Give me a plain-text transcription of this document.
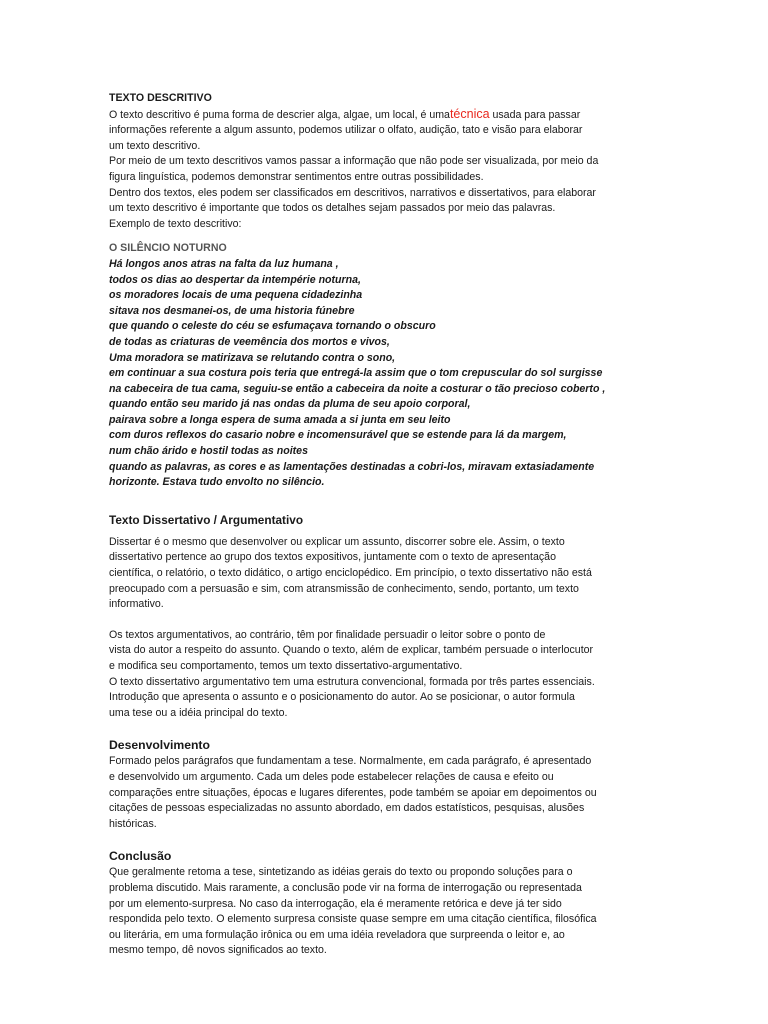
TEXTO DESCRITIVO

O texto descritivo é puma forma de descrier alga, algae, um local, é umatécnica usada para passar

informações referente a algum assunto, podemos utilizar o olfato, audição, tato e visão para elaborar

um texto descritivo.

Por meio de um texto descritivos vamos passar a informação que não pode ser visualizada, por meio da

figura linguística, podemos demonstrar sentimentos entre outras possibilidades.

Dentro dos textos, eles podem ser classificados em descritivos, narrativos e dissertativos, para elaborar

um texto descritivo é importante que todos os detalhes sejam passados por meio das palavras.

Exemplo de texto descritivo:

O SILÊNCIO NOTURNO

Há longos anos atras na falta da luz humana ,

todos os dias ao despertar da intempérie noturna,

os moradores locais de uma pequena cidadezinha

sitava nos desmanei-os, de uma historia fúnebre

que quando o celeste do céu se esfumaçava tornando o obscuro

de todas as criaturas de veemência dos mortos e vivos,

Uma moradora se matirizava se relutando contra o sono,

em continuar a sua costura pois teria que entregá-la assim que o tom crepuscular do sol surgisse

na cabeceira de tua cama, seguiu-se então a cabeceira da noite a costurar o tão precioso coberto ,

quando então seu marido já nas ondas da pluma de seu apoio corporal,

pairava sobre a longa espera de suma amada a si junta em seu leito

com duros reflexos do casario nobre e incomensurável que se estende para lá da margem,

num chão árido e hostil todas as noites

quando as palavras, as cores e as lamentações destinadas a cobri-los, miravam extasiadamente

horizonte. Estava tudo envolto no silêncio.

Texto Dissertativo / Argumentativo

Dissertar é o mesmo que desenvolver ou explicar um assunto, discorrer sobre ele. Assim, o texto

dissertativo pertence ao grupo dos textos expositivos, juntamente com o texto de apresentação

científica, o relatório, o texto didático, o artigo enciclopédico. Em princípio, o texto dissertativo não está

preocupado com a persuasão e sim, com atransmissão de conhecimento, sendo, portanto, um texto

informativo.

Os textos argumentativos, ao contrário, têm por finalidade persuadir o leitor sobre o ponto de

vista do autor a respeito do assunto. Quando o texto, além de explicar, também persuade o interlocutor

e modifica seu comportamento, temos um texto dissertativo-argumentativo.

O texto dissertativo argumentativo tem uma estrutura convencional, formada por três partes essenciais.

Introdução que apresenta o assunto e o posicionamento do autor. Ao se posicionar, o autor formula

uma tese ou a idéia principal do texto.

Desenvolvimento

Formado pelos parágrafos que fundamentam a tese. Normalmente, em cada parágrafo, é apresentado

e desenvolvido um argumento. Cada um deles pode estabelecer relações de causa e efeito ou

comparações entre situações, épocas e lugares diferentes, pode também se apoiar em depoimentos ou

citações de pessoas especializadas no assunto abordado, em dados estatísticos, pesquisas, alusões

históricas.

Conclusão

Que geralmente retoma a tese, sintetizando as idéias gerais do texto ou propondo soluções para o

problema discutido. Mais raramente, a conclusão pode vir na forma de interrogação ou representada

por um elemento-surpresa. No caso da interrogação, ela é meramente retórica e deve já ter sido

respondida pelo texto. O elemento surpresa consiste quase sempre em uma citação científica, filosófica

ou literária, em uma formulação irônica ou em uma idéia reveladora que surpreenda o leitor e, ao

mesmo tempo, dê novos significados ao texto.
